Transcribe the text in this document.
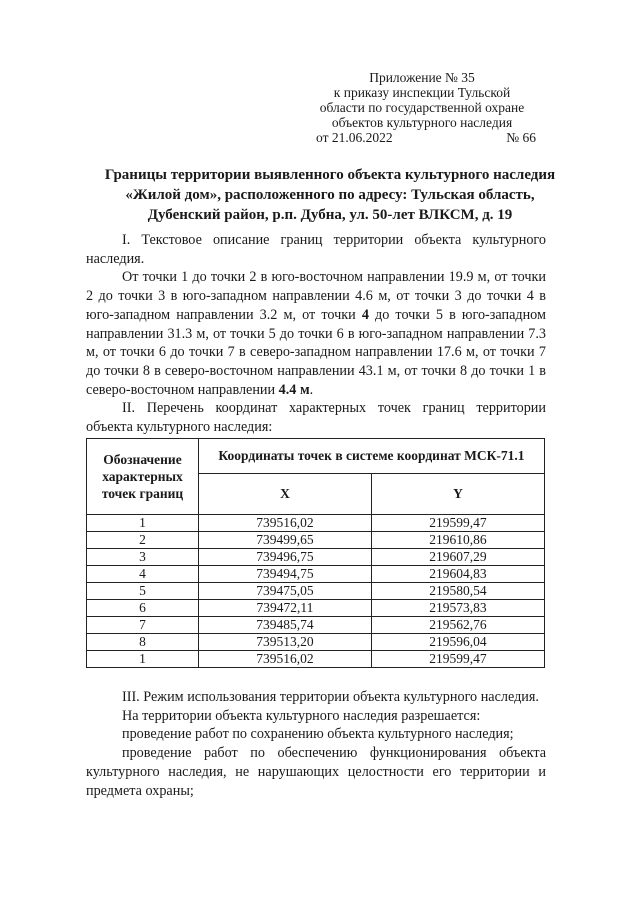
Приложение № 35
к приказу инспекции Тульской
области по государственной охране
объектов культурного наследия
от 21.06.2022	№ 66
Границы территории выявленного объекта культурного наследия
«Жилой дом», расположенного по адресу: Тульская область,
Дубенский район, р.п. Дубна, ул. 50-лет ВЛКСМ, д. 19

I. Текстовое описание границ территории объекта культурного наследия.

От точки 1 до точки 2 в юго-восточном направлении 19.9 м, от точки 2 до точки 3 в юго-западном направлении 4.6 м, от точки 3 до точки 4 в юго-западном направлении 3.2 м, от точки 4 до точки 5 в юго-западном направлении 31.3 м, от точки 5 до точки 6 в юго-западном направлении 7.3 м, от точки 6 до точки 7 в северо-западном направлении 17.6 м, от точки 7 до точки 8 в северо-восточном направлении 43.1 м, от точки 8 до точки 1 в северо-восточном направлении 4.4 м.

II. Перечень координат характерных точек границ территории объекта культурного наследия:

Обозначение характерных точек границ	Координаты точек в системе координат МСК-71.1	
	X	Y
1	739516,02	219599,47
2	739499,65	219610,86
3	739496,75	219607,29
4	739494,75	219604,83
5	739475,05	219580,54
6	739472,11	219573,83
7	739485,74	219562,76
8	739513,20	219596,04
1	739516,02	219599,47

III. Режим использования территории объекта культурного наследия.

На территории объекта культурного наследия разрешается:

проведение работ по сохранению объекта культурного наследия;

проведение работ по обеспечению функционирования объекта культурного наследия, не нарушающих целостности его территории и предмета охраны;
